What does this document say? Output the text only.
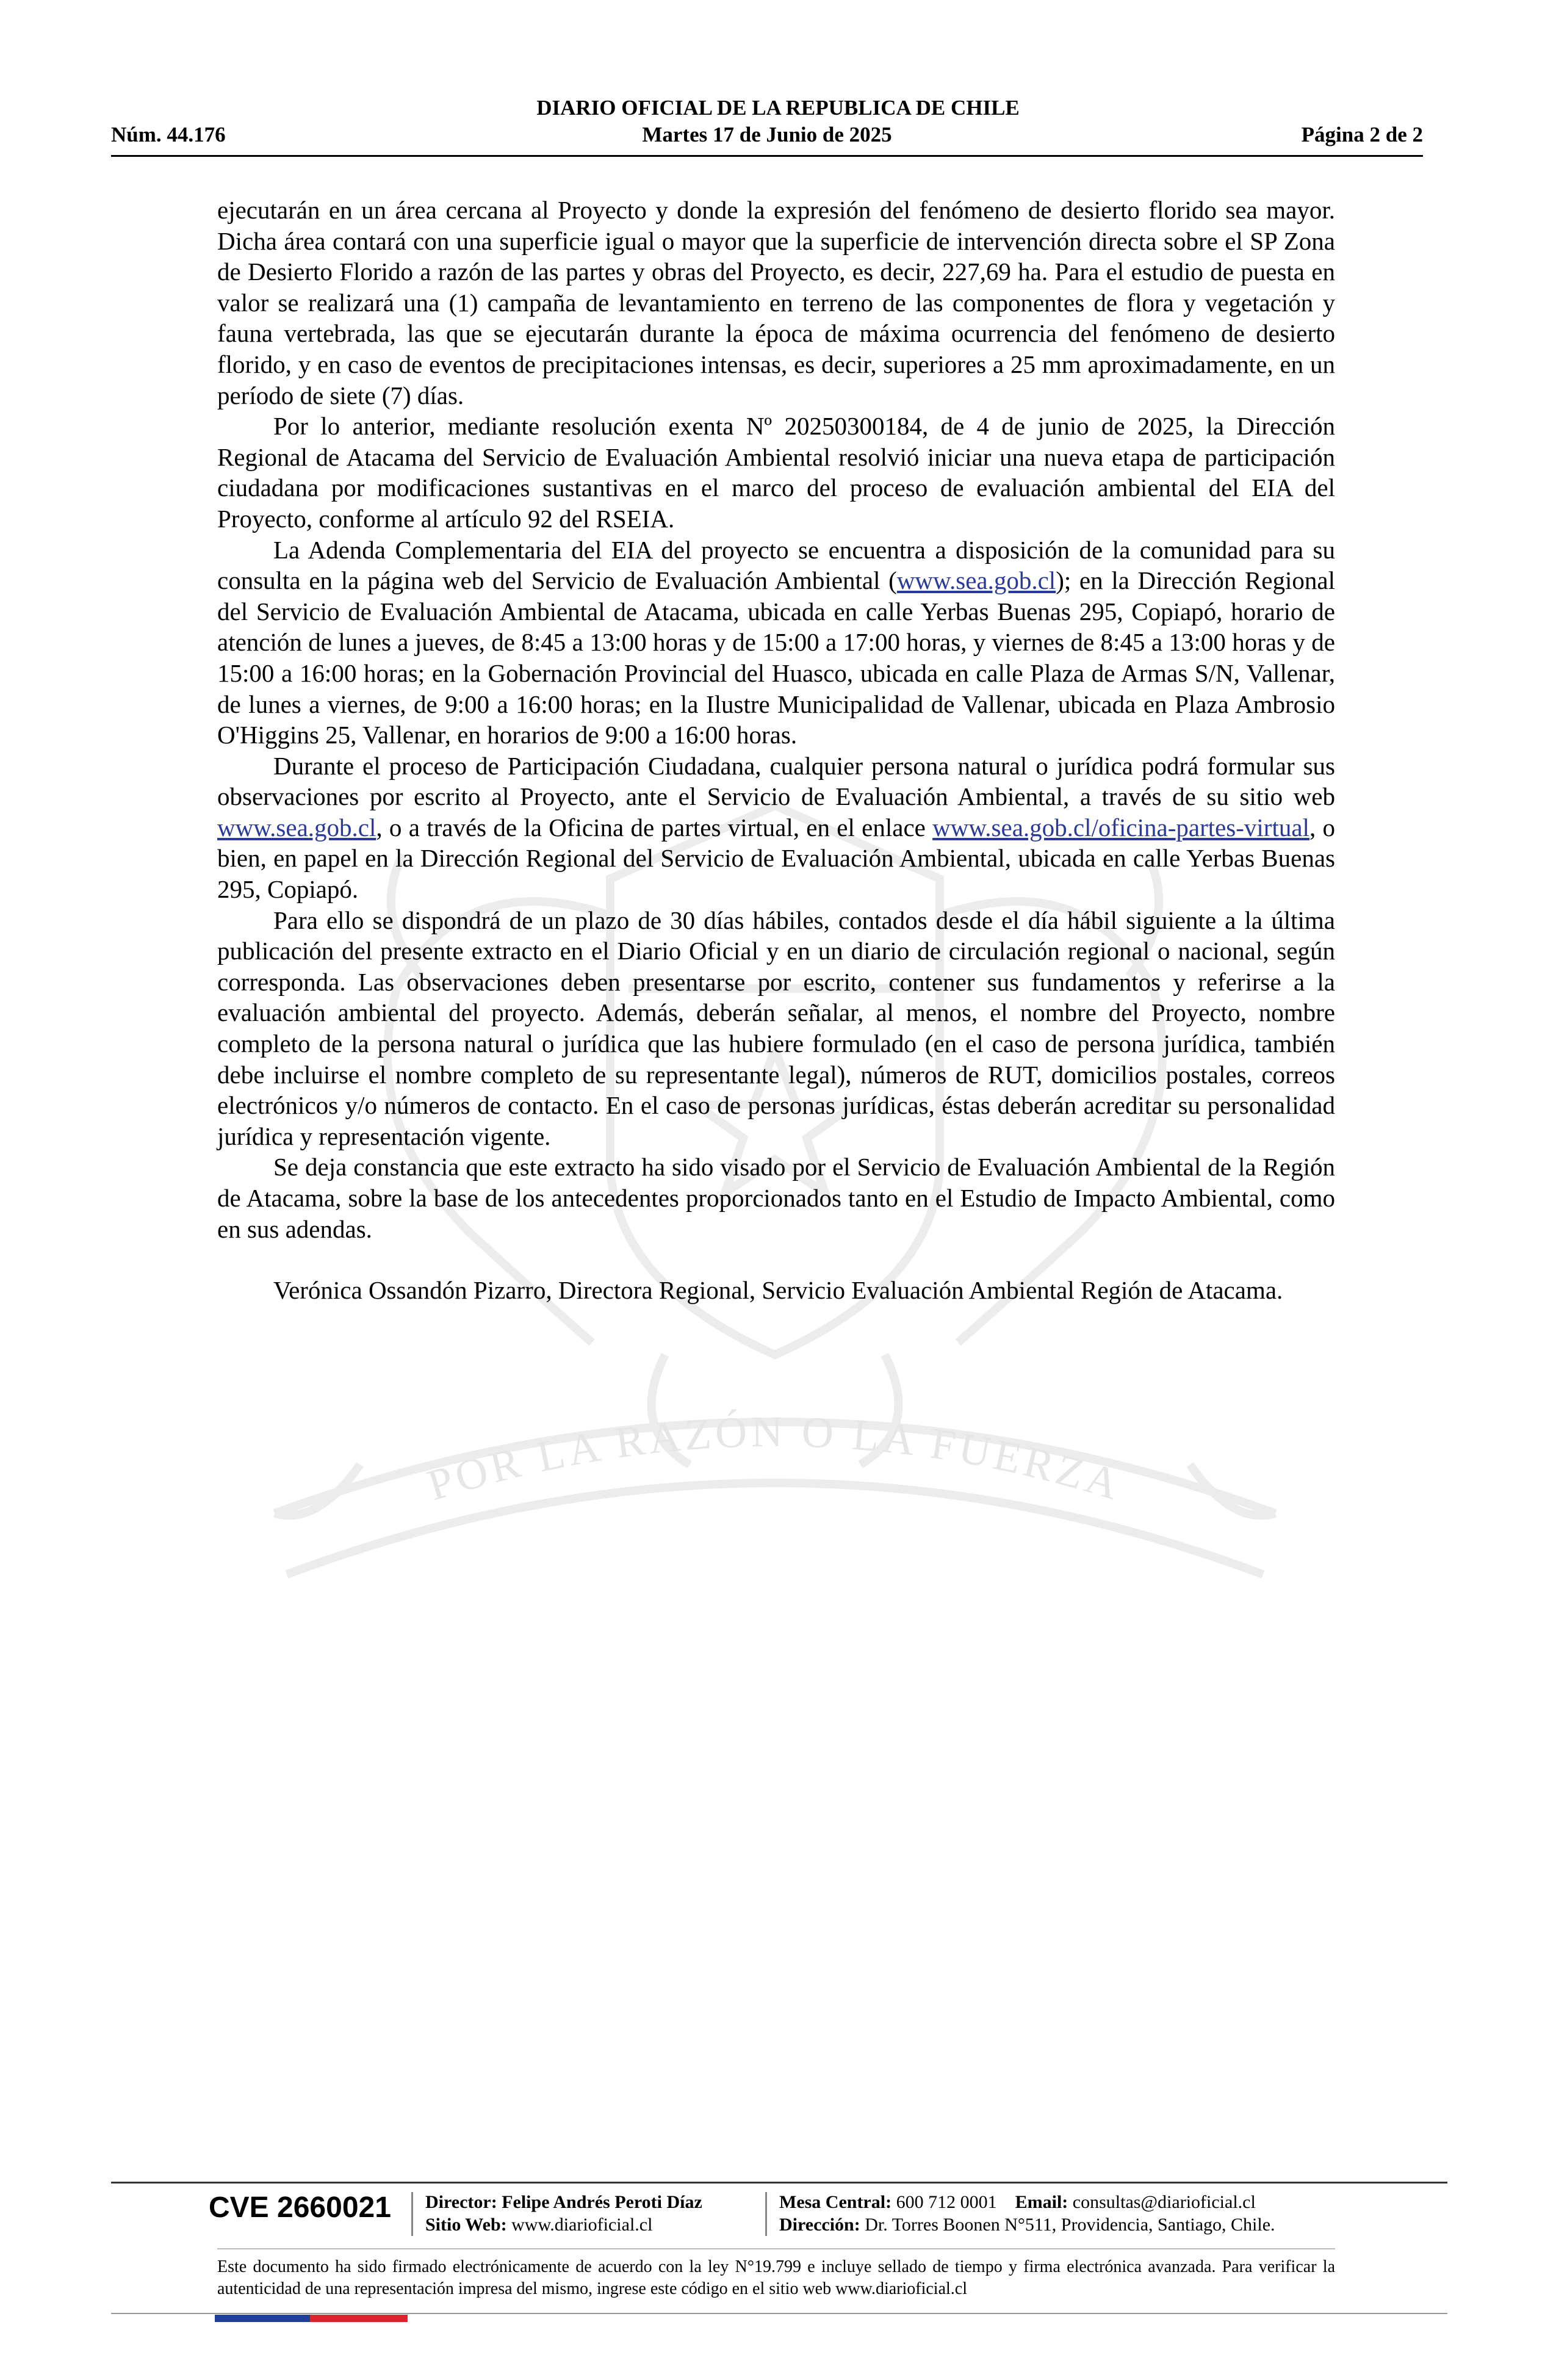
POR LA RAZÓN O LA FUERZA
DIARIO OFICIAL DE LA REPUBLICA DE CHILE
Núm. 44.176	Martes 17 de Junio de 2025	Página 2 de 2

ejecutarán en un área cercana al Proyecto y donde la expresión del fenómeno de desierto florido sea mayor. Dicha área contará con una superficie igual o mayor que la superficie de intervención directa sobre el SP Zona de Desierto Florido a razón de las partes y obras del Proyecto, es decir, 227,69 ha. Para el estudio de puesta en valor se realizará una (1) campaña de levantamiento en terreno de las componentes de flora y vegetación y fauna vertebrada, las que se ejecutarán durante la época de máxima ocurrencia del fenómeno de desierto florido, y en caso de eventos de precipitaciones intensas, es decir, superiores a 25 mm aproximadamente, en un período de siete (7) días.

Por lo anterior, mediante resolución exenta Nº 20250300184, de 4 de junio de 2025, la Dirección Regional de Atacama del Servicio de Evaluación Ambiental resolvió iniciar una nueva etapa de participación ciudadana por modificaciones sustantivas en el marco del proceso de evaluación ambiental del EIA del Proyecto, conforme al artículo 92 del RSEIA.

La Adenda Complementaria del EIA del proyecto se encuentra a disposición de la comunidad para su consulta en la página web del Servicio de Evaluación Ambiental (www.sea.gob.cl); en la Dirección Regional del Servicio de Evaluación Ambiental de Atacama, ubicada en calle Yerbas Buenas 295, Copiapó, horario de atención de lunes a jueves, de 8:45 a 13:00 horas y de 15:00 a 17:00 horas, y viernes de 8:45 a 13:00 horas y de 15:00 a 16:00 horas; en la Gobernación Provincial del Huasco, ubicada en calle Plaza de Armas S/N, Vallenar, de lunes a viernes, de 9:00 a 16:00 horas; en la Ilustre Municipalidad de Vallenar, ubicada en Plaza Ambrosio O'Higgins 25, Vallenar, en horarios de 9:00 a 16:00 horas.

Durante el proceso de Participación Ciudadana, cualquier persona natural o jurídica podrá formular sus observaciones por escrito al Proyecto, ante el Servicio de Evaluación Ambiental, a través de su sitio web www.sea.gob.cl, o a través de la Oficina de partes virtual, en el enlace www.sea.gob.cl/oficina-partes-virtual, o bien, en papel en la Dirección Regional del Servicio de Evaluación Ambiental, ubicada en calle Yerbas Buenas 295, Copiapó.

Para ello se dispondrá de un plazo de 30 días hábiles, contados desde el día hábil siguiente a la última publicación del presente extracto en el Diario Oficial y en un diario de circulación regional o nacional, según corresponda. Las observaciones deben presentarse por escrito, contener sus fundamentos y referirse a la evaluación ambiental del proyecto. Además, deberán señalar, al menos, el nombre del Proyecto, nombre completo de la persona natural o jurídica que las hubiere formulado (en el caso de persona jurídica, también debe incluirse el nombre completo de su representante legal), números de RUT, domicilios postales, correos electrónicos y/o números de contacto. En el caso de personas jurídicas, éstas deberán acreditar su personalidad jurídica y representación vigente.

Se deja constancia que este extracto ha sido visado por el Servicio de Evaluación Ambiental de la Región de Atacama, sobre la base de los antecedentes proporcionados tanto en el Estudio de Impacto Ambiental, como en sus adendas.

Verónica Ossandón Pizarro, Directora Regional, Servicio Evaluación Ambiental Región de Atacama.

CVE 2660021 Director: Felipe Andrés Peroti Díaz
Sitio Web: www.diarioficial.cl
Mesa Central: 600 712 0001 Email: consultas@diarioficial.cl
Dirección: Dr. Torres Boonen N°511, Providencia, Santiago, Chile.
Este documento ha sido firmado electrónicamente de acuerdo con la ley N°19.799 e incluye sellado de tiempo y firma electrónica avanzada. Para verificar la autenticidad de una representación impresa del mismo, ingrese este código en el sitio web www.diarioficial.cl
